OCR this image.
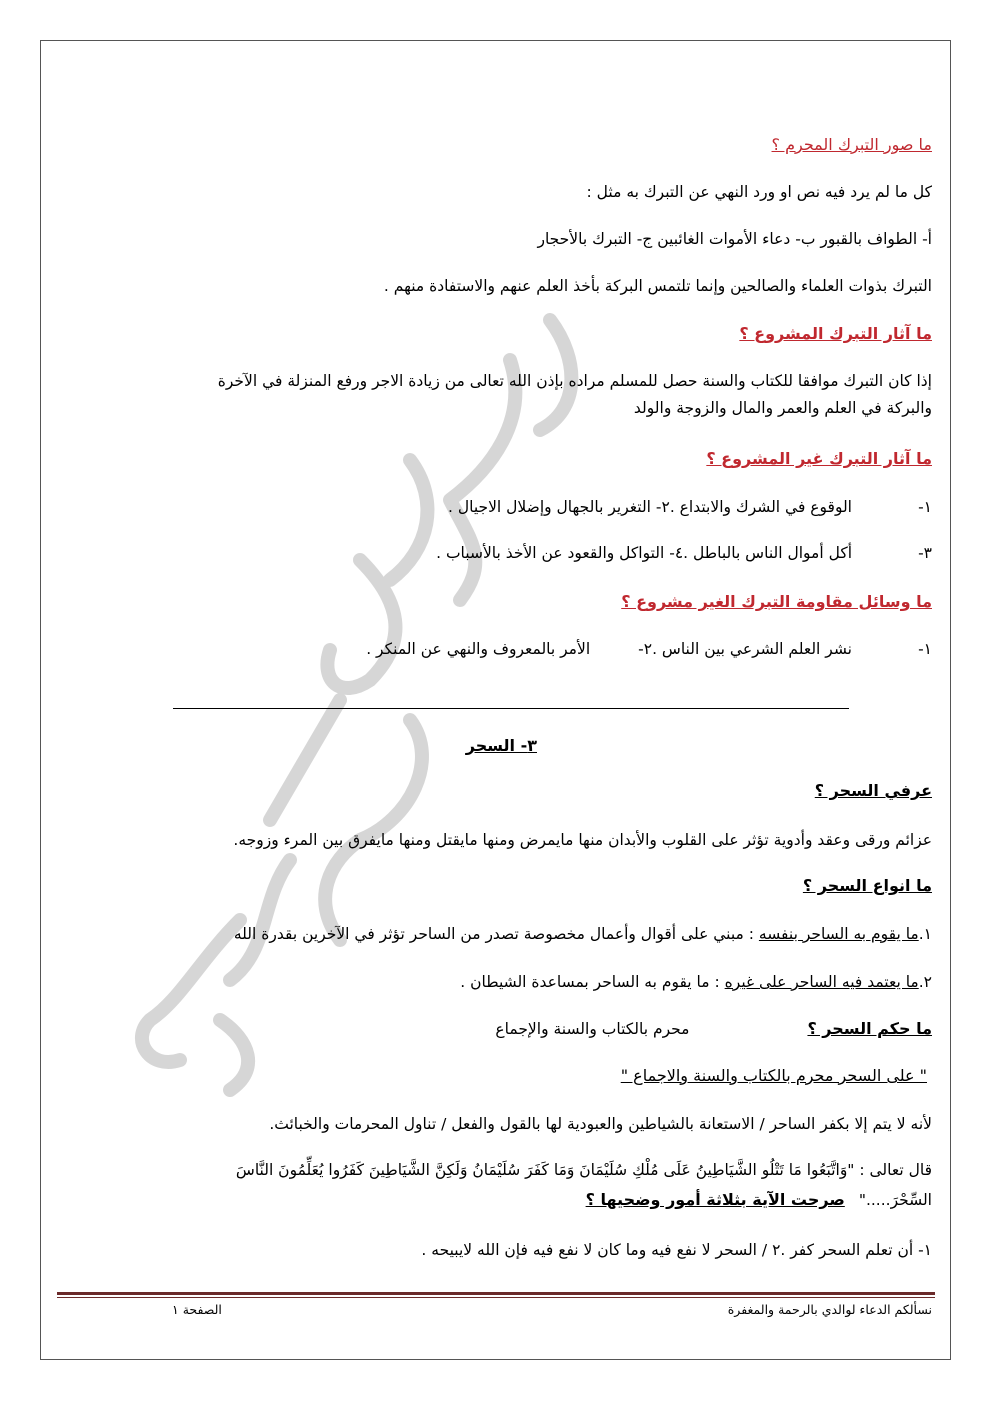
ما صور التبرك المحرم ؟
كل ما لم يرد فيه نص او ورد النهي عن التبرك به مثل :
أ- الطواف بالقبور ب- دعاء الأموات الغائبين ج- التبرك بالأحجار
التبرك بذوات العلماء والصالحين وإنما تلتمس البركة بأخذ العلم عنهم والاستفادة منهم .
ما آثار التبرك المشروع ؟
إذا كان التبرك موافقا للكتاب والسنة حصل للمسلم مراده بإذن الله تعالى من زيادة الاجر ورفع المنزلة في الآخرة
والبركة في العلم والعمر والمال والزوجة والولد
ما آثار التبرك غير المشروع ؟
١-الوقوع في الشرك والابتداع .٢- التغرير بالجهال وإضلال الاجيال .
٣-أكل أموال الناس بالباطل .٤- التواكل والقعود عن الأخذ بالأسباب .
ما وسائل مقاومة التبرك الغير مشروع ؟
١-نشر العلم الشرعي بين الناس .٢-الأمر بالمعروف والنهي عن المنكر .
٣- السحر
عرفي السحر ؟
عزائم ورقى وعقد وأدوية تؤثر على القلوب والأبدان منها مايمرض ومنها مايقتل ومنها مايفرق بين المرء وزوجه.
ما انواع السحر ؟
١.ما يقوم به الساحر بنفسه : مبني على أقوال وأعمال مخصوصة تصدر من الساحر تؤثر في الآخرين بقدرة الله
٢.ما يعتمد فيه الساحر على غيره : ما يقوم به الساحر بمساعدة الشيطان .
ما حكم السحر ؟محرم بالكتاب والسنة والإجماع
" على السحر محرم بالكتاب والسنة والاجماع "
لأنه لا يتم إلا بكفر الساحر / الاستعانة بالشياطين والعبودية لها بالقول والفعل / تناول المحرمات والخبائث.
قال تعالى : "وَاتَّبَعُوا مَا تَتْلُو الشَّيَاطِينُ عَلَى مُلْكِ سُلَيْمَانَ وَمَا كَفَرَ سُلَيْمَانُ وَلَكِنَّ الشَّيَاطِينَ كَفَرُوا يُعَلِّمُونَ النَّاسَ
السِّحْرَ....."صرحت الآية بثلاثة أمور وضحيها ؟
١- أن تعلم السحر كفر .٢ / السحر لا نفع فيه وما كان لا نفع فيه فإن الله لايبيحه .
نسألكم الدعاء لوالدي بالرحمة والمغفرة
الصفحة ١
